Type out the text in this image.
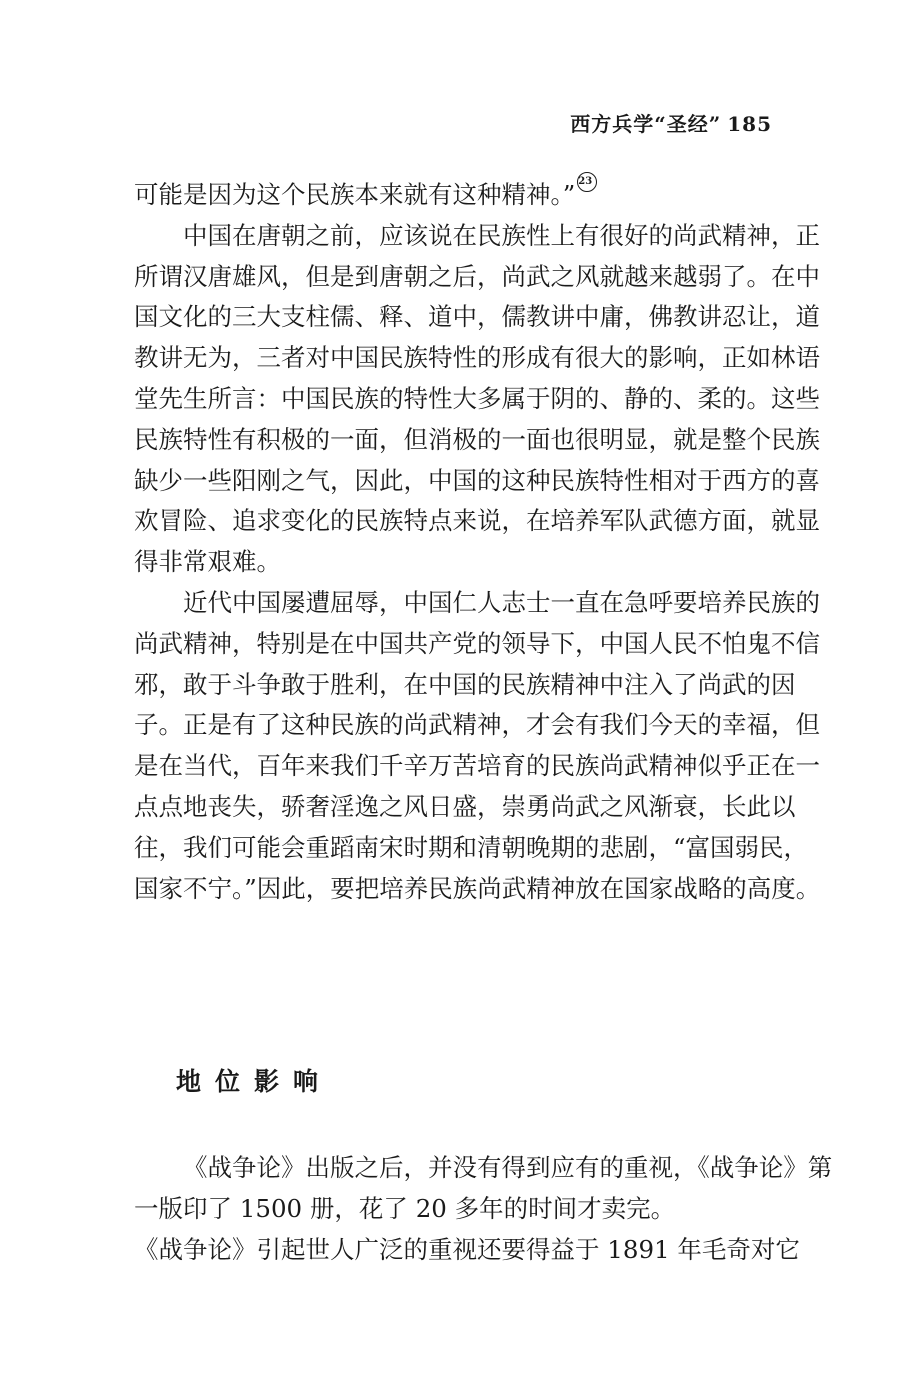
西方兵学“圣经” 185
可能是因为这个民族本来就有这种精神。” 23
中国在唐朝之前，应该说在民族性上有很好的尚武精神，正
所谓汉唐雄风，但是到唐朝之后，尚武之风就越来越弱了。在中
国文化的三大支柱儒、释、道中，儒教讲中庸，佛教讲忍让，道
教讲无为，三者对中国民族特性的形成有很大的影响，正如林语
堂先生所言：中国民族的特性大多属于阴的、静的、柔的。这些
民族特性有积极的一面，但消极的一面也很明显，就是整个民族
缺少一些阳刚之气，因此，中国的这种民族特性相对于西方的喜
欢冒险、追求变化的民族特点来说，在培养军队武德方面，就显
得非常艰难。
近代中国屡遭屈辱，中国仁人志士一直在急呼要培养民族的
尚武精神，特别是在中国共产党的领导下，中国人民不怕鬼不信
邪，敢于斗争敢于胜利，在中国的民族精神中注入了尚武的因
子。正是有了这种民族的尚武精神，才会有我们今天的幸福，但
是在当代，百年来我们千辛万苦培育的民族尚武精神似乎正在一
点点地丧失，骄奢淫逸之风日盛，崇勇尚武之风渐衰，长此以
往，我们可能会重蹈南宋时期和清朝晚期的悲剧，“富国弱民，
国家不宁。”因此，要把培养民族尚武精神放在国家战略的高度。
地位影响
《战争论》出版之后，并没有得到应有的重视，《战争论》第
一版印了 1500 册，花了 20 多年的时间才卖完。
《战争论》引起世人广泛的重视还要得益于 1891 年毛奇对它
